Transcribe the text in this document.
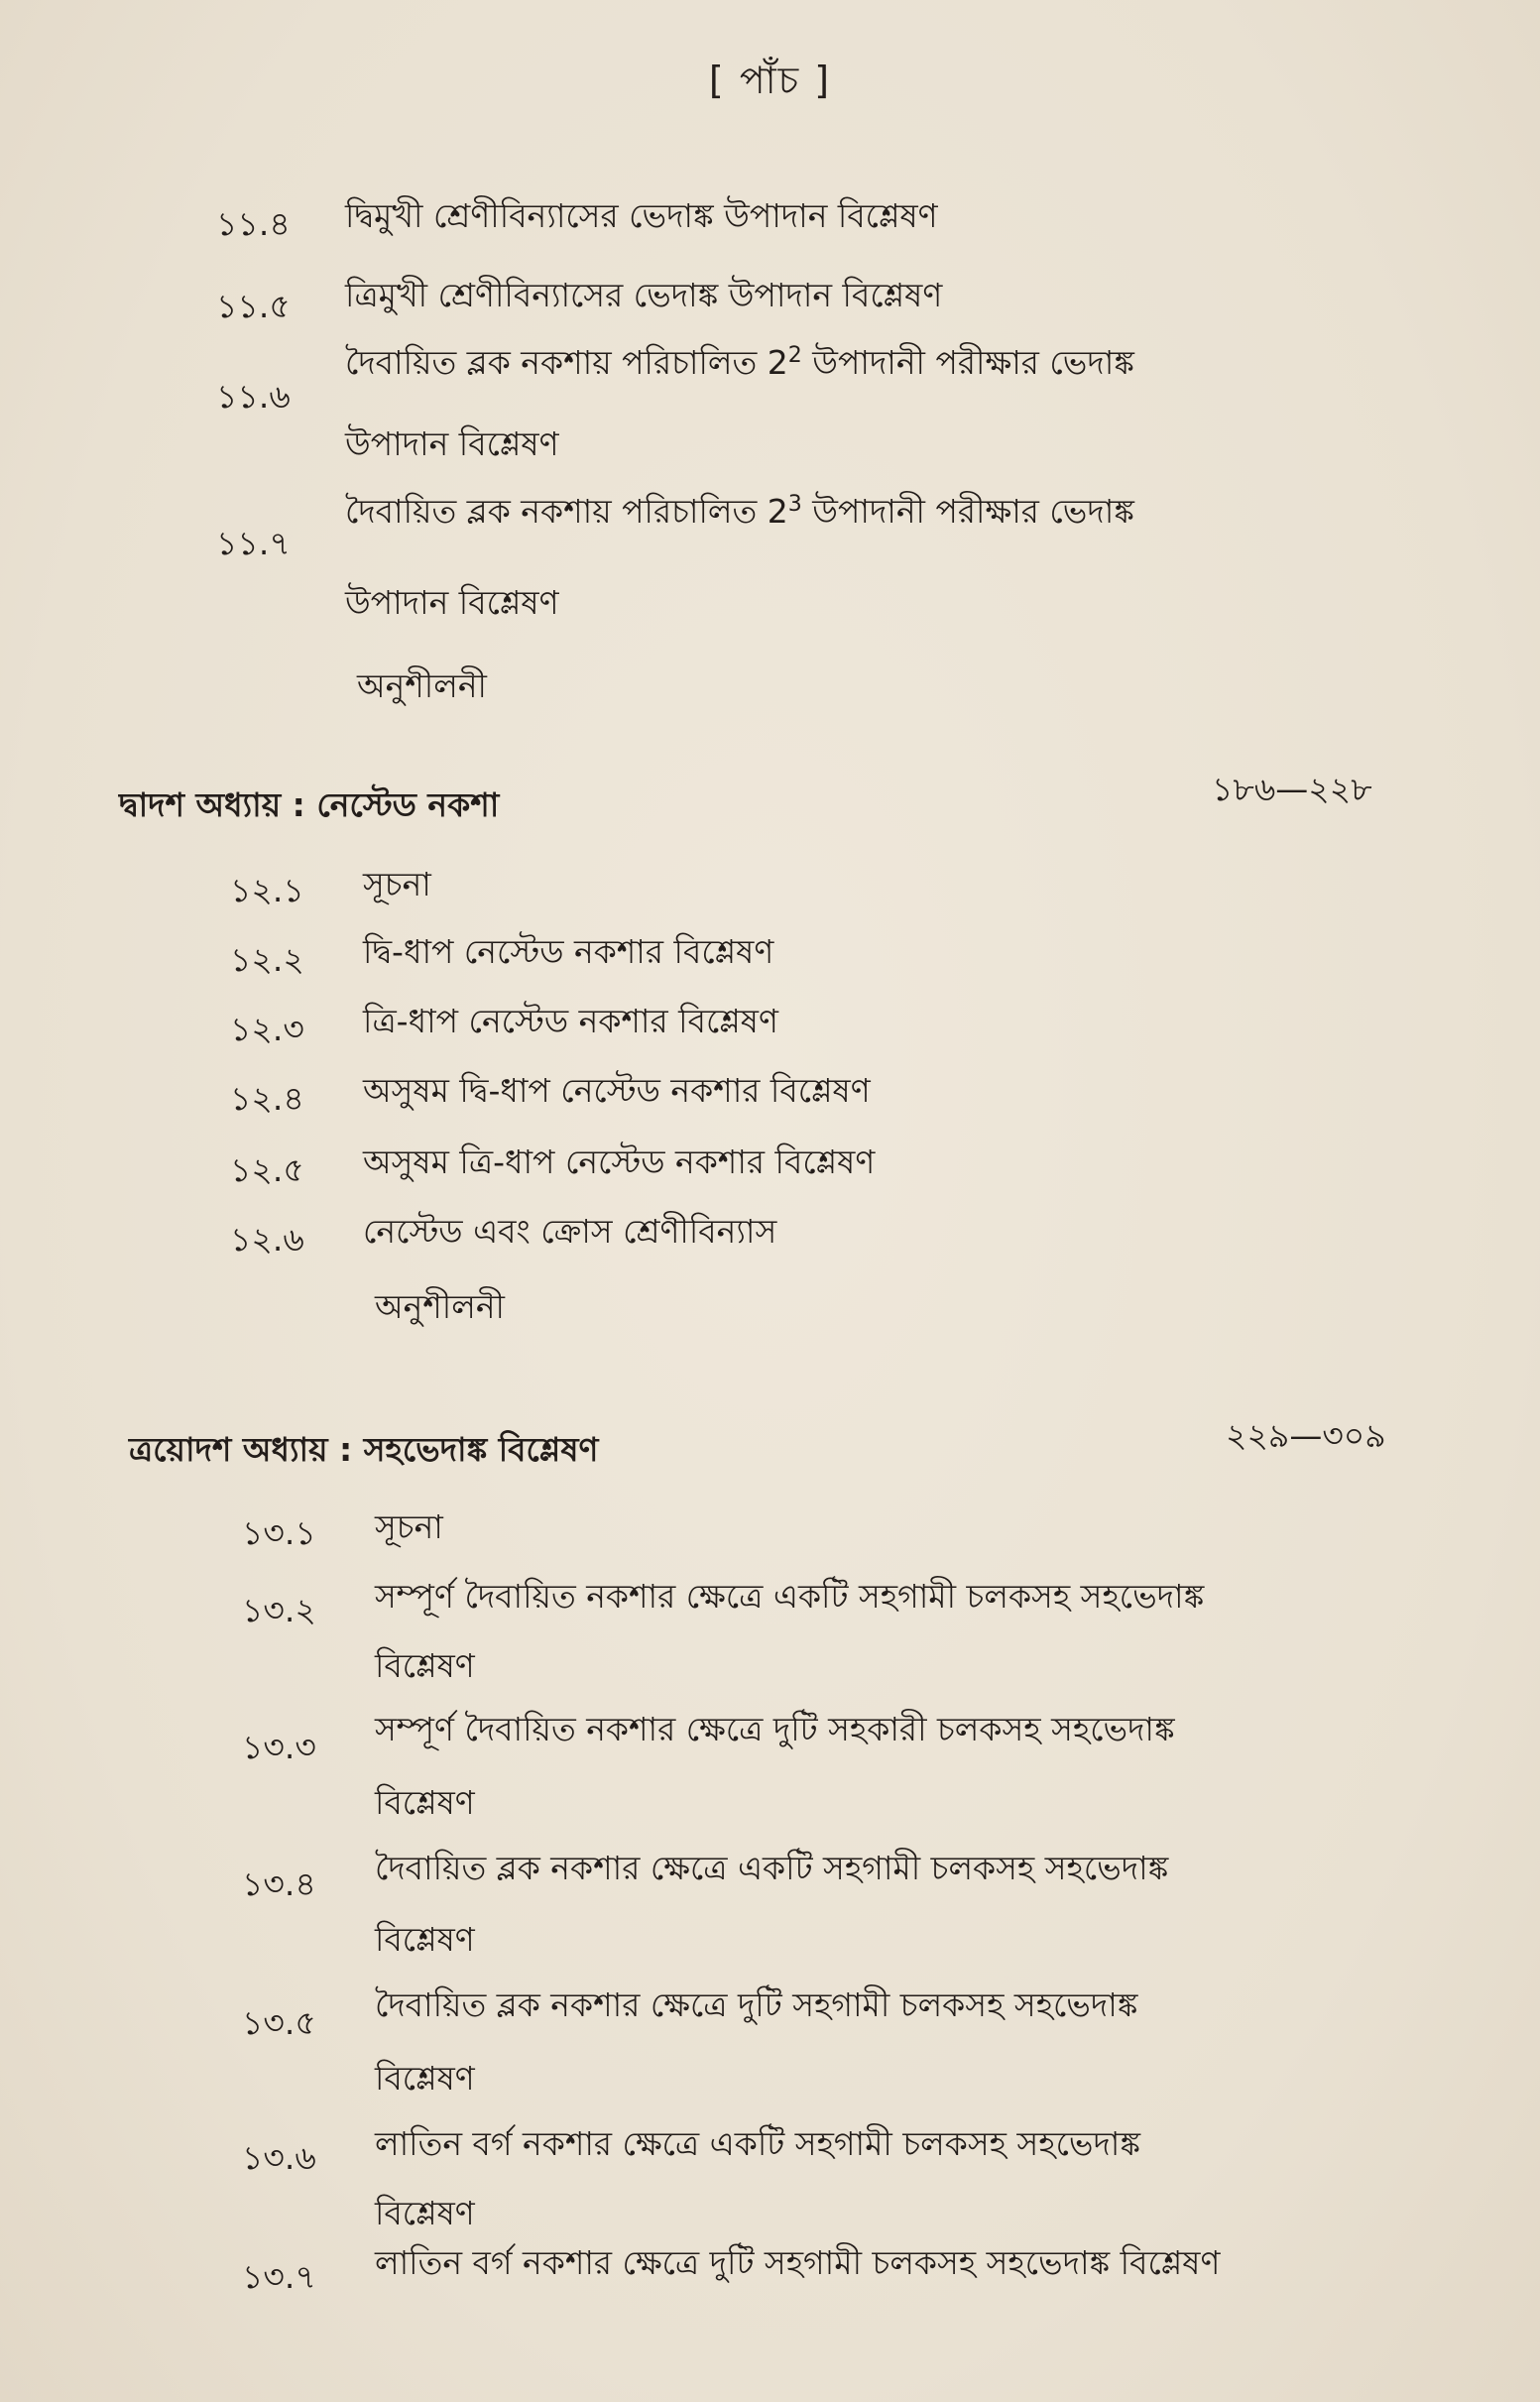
[ পাঁচ ]
১১.৪ দ্বিমুখী শ্রেণীবিন্যাসের ভেদাঙ্ক উপাদান বিশ্লেষণ
১১.৫ ত্রিমুখী শ্রেণীবিন্যাসের ভেদাঙ্ক উপাদান বিশ্লেষণ
১১.৬
দৈবায়িত ব্লক নকশায় পরিচালিত $2^2$ উপাদানী পরীক্ষার ভেদাঙ্ক
উপাদান বিশ্লেষণ
১১.৭
দৈবায়িত ব্লক নকশায় পরিচালিত $2^3$ উপাদানী পরীক্ষার ভেদাঙ্ক
উপাদান বিশ্লেষণ
অনুশীলনী
দ্বাদশ অধ্যায় : নেস্টেড নকশা	১৮৬—২২৮
১২.১ সূচনা
১২.২ দ্বি-ধাপ নেস্টেড নকশার বিশ্লেষণ
১২.৩ ত্রি-ধাপ নেস্টেড নকশার বিশ্লেষণ
১২.৪ অসুষম দ্বি-ধাপ নেস্টেড নকশার বিশ্লেষণ
১২.৫ অসুষম ত্রি-ধাপ নেস্টেড নকশার বিশ্লেষণ
১২.৬ নেস্টেড এবং ক্রোস শ্রেণীবিন্যাস
অনুশীলনী
ত্রয়োদশ অধ্যায় : সহভেদাঙ্ক বিশ্লেষণ	২২৯—৩০৯
১৩.১ সূচনা
১৩.২ সম্পূর্ণ দৈবায়িত নকশার ক্ষেত্রে একটি সহগামী চলকসহ সহভেদাঙ্ক
বিশ্লেষণ
১৩.৩ সম্পূর্ণ দৈবায়িত নকশার ক্ষেত্রে দুটি সহকারী চলকসহ সহভেদাঙ্ক
বিশ্লেষণ
১৩.৪ দৈবায়িত ব্লক নকশার ক্ষেত্রে একটি সহগামী চলকসহ সহভেদাঙ্ক
বিশ্লেষণ
১৩.৫ দৈবায়িত ব্লক নকশার ক্ষেত্রে দুটি সহগামী চলকসহ সহভেদাঙ্ক
বিশ্লেষণ
১৩.৬ লাতিন বর্গ নকশার ক্ষেত্রে একটি সহগামী চলকসহ সহভেদাঙ্ক
বিশ্লেষণ
১৩.৭ লাতিন বর্গ নকশার ক্ষেত্রে দুটি সহগামী চলকসহ সহভেদাঙ্ক বিশ্লেষণ
